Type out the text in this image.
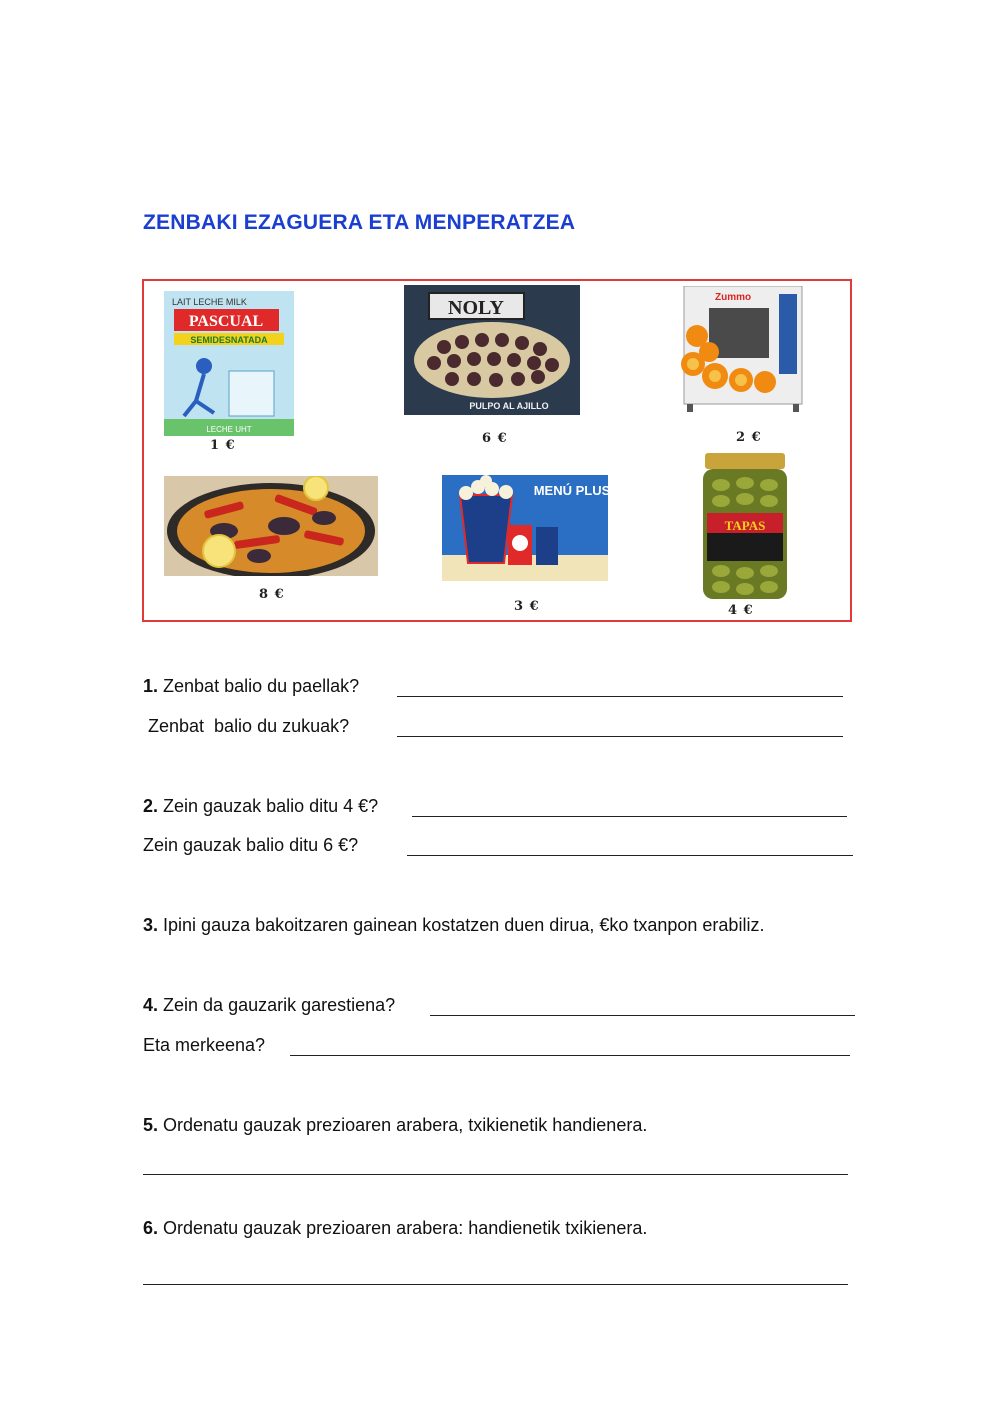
ZENBAKI EZAGUERA ETA MENPERATZEA
LAIT LECHE MILK
PASCUAL
SEMIDESNATADA
LECHE UHT
1 €
NOLY
PULPO AL AJILLO
6 €
Zummo
2 €
8 €
MENÚ PLUS
3 €
TAPAS
4 €
1. Zenbat balio du paellak?
Zenbat  balio du zukuak?
2. Zein gauzak balio ditu 4 €?
Zein gauzak balio ditu 6 €?
3. Ipini gauza bakoitzaren gainean kostatzen duen dirua, €ko txanpon erabiliz.
4. Zein da gauzarik garestiena?
Eta merkeena?
5. Ordenatu gauzak prezioaren arabera, txikienetik handienera.
6. Ordenatu gauzak prezioaren arabera: handienetik txikienera.
